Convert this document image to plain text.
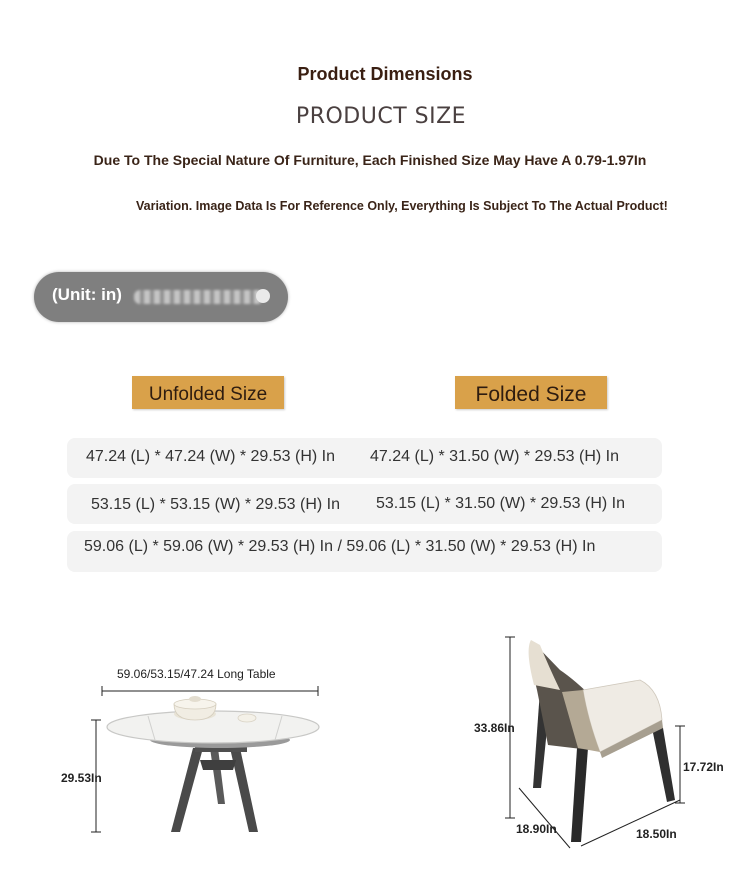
Product Dimensions
PRODUCT SIZE
Due To The Special Nature Of Furniture, Each Finished Size May Have A 0.79-1.97In
Variation. Image Data Is For Reference Only, Everything Is Subject To The Actual Product!
(Unit: in)
Unfolded Size	Folded Size
47.24 (L) * 47.24 (W) * 29.53 (H) In 47.24 (L) * 31.50 (W) * 29.53 (H) In
53.15 (L) * 53.15 (W) * 29.53 (H) In 53.15 (L) * 31.50 (W) * 29.53 (H) In
59.06 (L) * 59.06 (W) * 29.53 (H) In / 59.06 (L) * 31.50 (W) * 29.53 (H) In
59.06/53.15/47.24 Long Table
29.53In
33.86In
17.72In
18.90In	18.50In
